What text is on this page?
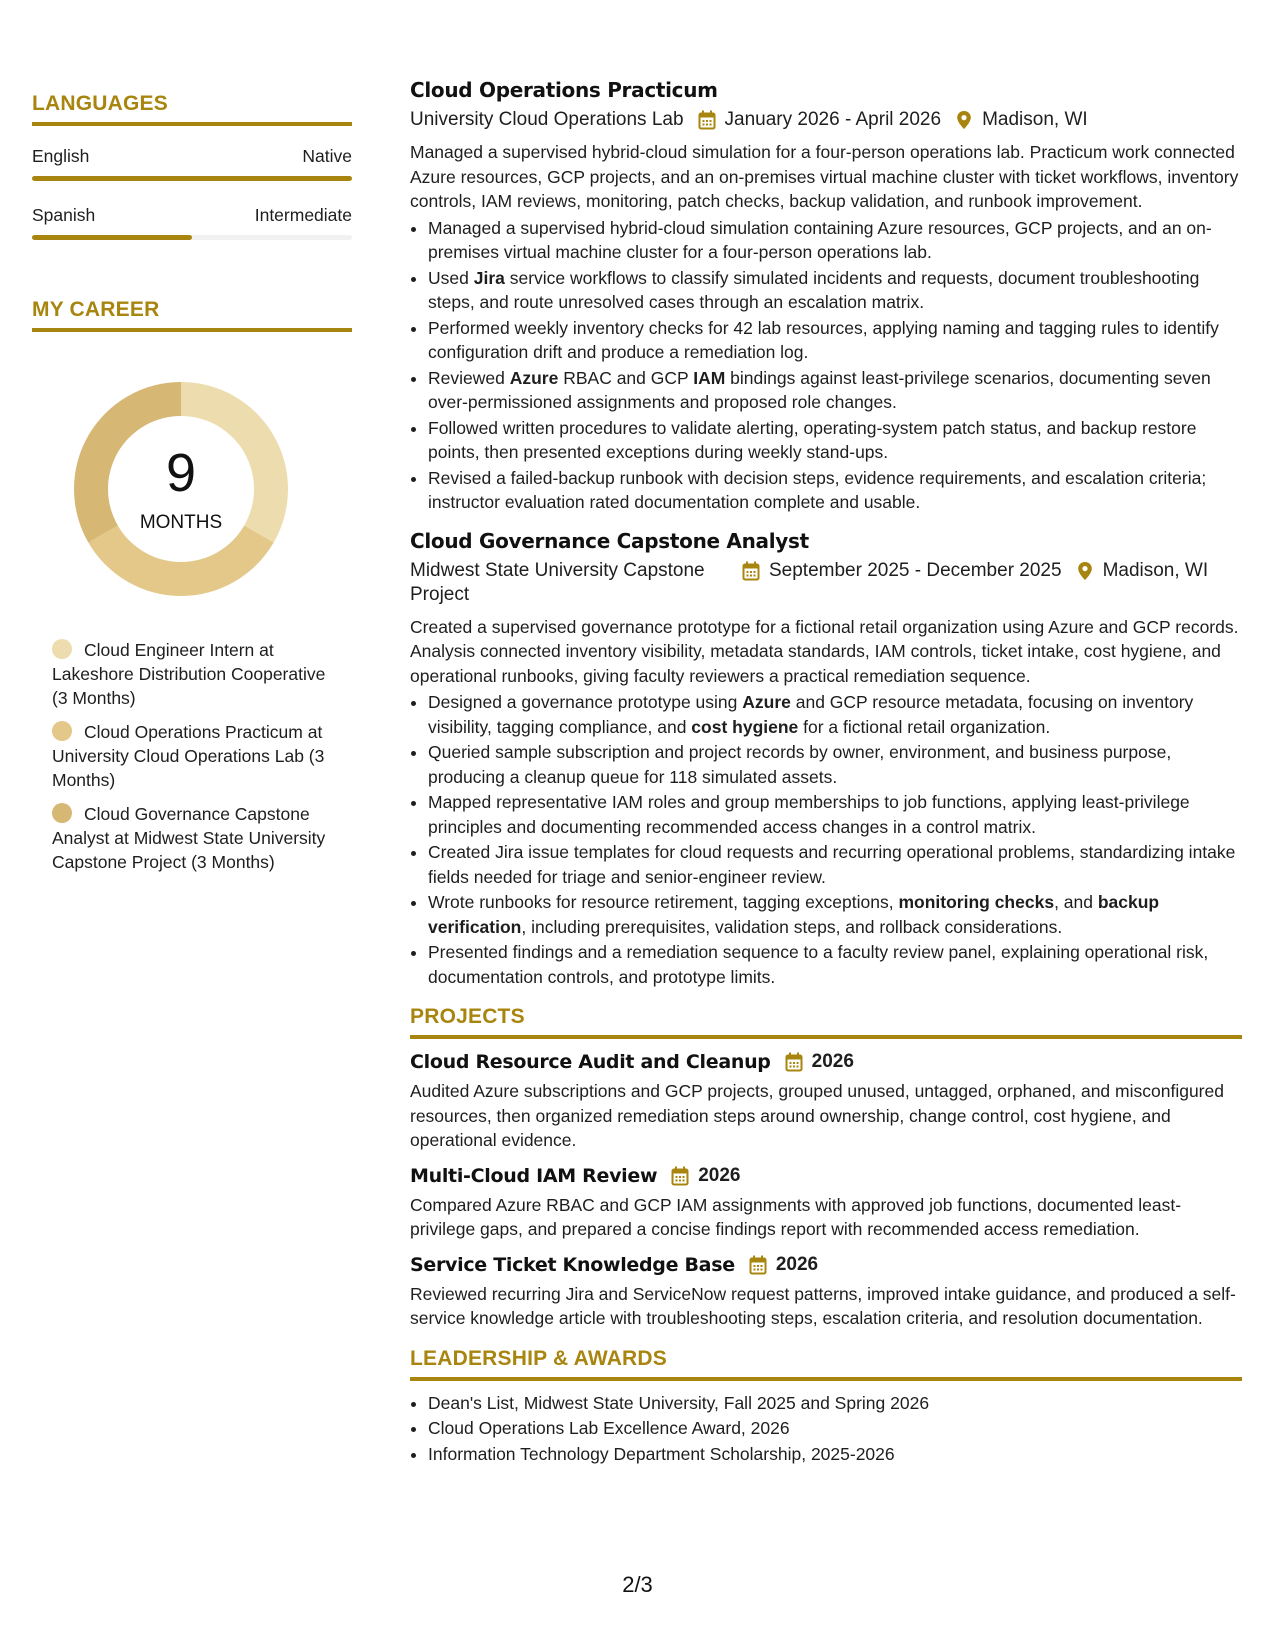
LANGUAGES
English	Native
Spanish	Intermediate
MY CAREER
9
MONTHS
Cloud Engineer Intern at Lakeshore Distribution Cooperative (3 Months)
Cloud Operations Practicum at University Cloud Operations Lab (3 Months)
Cloud Governance Capstone Analyst at Midwest State University Capstone Project (3 Months)
Cloud Operations Practicum
University Cloud Operations Lab January 2026 - April 2026 Madison, WI
Managed a supervised hybrid-cloud simulation for a four-person operations lab. Practicum work connected Azure resources, GCP projects, and an on-premises virtual machine cluster with ticket workflows, inventory controls, IAM reviews, monitoring, patch checks, backup validation, and runbook improvement.
• Managed a supervised hybrid-cloud simulation containing Azure resources, GCP projects, and an on-premises virtual machine cluster for a four-person operations lab.
• Used Jira service workflows to classify simulated incidents and requests, document troubleshooting steps, and route unresolved cases through an escalation matrix.
• Performed weekly inventory checks for 42 lab resources, applying naming and tagging rules to identify configuration drift and produce a remediation log.
• Reviewed Azure RBAC and GCP IAM bindings against least-privilege scenarios, documenting seven over-permissioned assignments and proposed role changes.
• Followed written procedures to validate alerting, operating-system patch status, and backup restore points, then presented exceptions during weekly stand-ups.
• Revised a failed-backup runbook with decision steps, evidence requirements, and escalation criteria; instructor evaluation rated documentation complete and usable.
Cloud Governance Capstone Analyst
Midwest State University Capstone Project
September 2025 - December 2025 Madison, WI
Created a supervised governance prototype for a fictional retail organization using Azure and GCP records. Analysis connected inventory visibility, metadata standards, IAM controls, ticket intake, cost hygiene, and operational runbooks, giving faculty reviewers a practical remediation sequence.
• Designed a governance prototype using Azure and GCP resource metadata, focusing on inventory visibility, tagging compliance, and cost hygiene for a fictional retail organization.
• Queried sample subscription and project records by owner, environment, and business purpose, producing a cleanup queue for 118 simulated assets.
• Mapped representative IAM roles and group memberships to job functions, applying least-privilege principles and documenting recommended access changes in a control matrix.
• Created Jira issue templates for cloud requests and recurring operational problems, standardizing intake fields needed for triage and senior-engineer review.
• Wrote runbooks for resource retirement, tagging exceptions, monitoring checks, and backup verification, including prerequisites, validation steps, and rollback considerations.
• Presented findings and a remediation sequence to a faculty review panel, explaining operational risk, documentation controls, and prototype limits.
PROJECTS
Cloud Resource Audit and Cleanup 2026
Audited Azure subscriptions and GCP projects, grouped unused, untagged, orphaned, and misconfigured resources, then organized remediation steps around ownership, change control, cost hygiene, and operational evidence.
Multi-Cloud IAM Review 2026
Compared Azure RBAC and GCP IAM assignments with approved job functions, documented least-privilege gaps, and prepared a concise findings report with recommended access remediation.
Service Ticket Knowledge Base 2026
Reviewed recurring Jira and ServiceNow request patterns, improved intake guidance, and produced a self-service knowledge article with troubleshooting steps, escalation criteria, and resolution documentation.
LEADERSHIP & AWARDS
• Dean's List, Midwest State University, Fall 2025 and Spring 2026
• Cloud Operations Lab Excellence Award, 2026
• Information Technology Department Scholarship, 2025-2026
2/3
